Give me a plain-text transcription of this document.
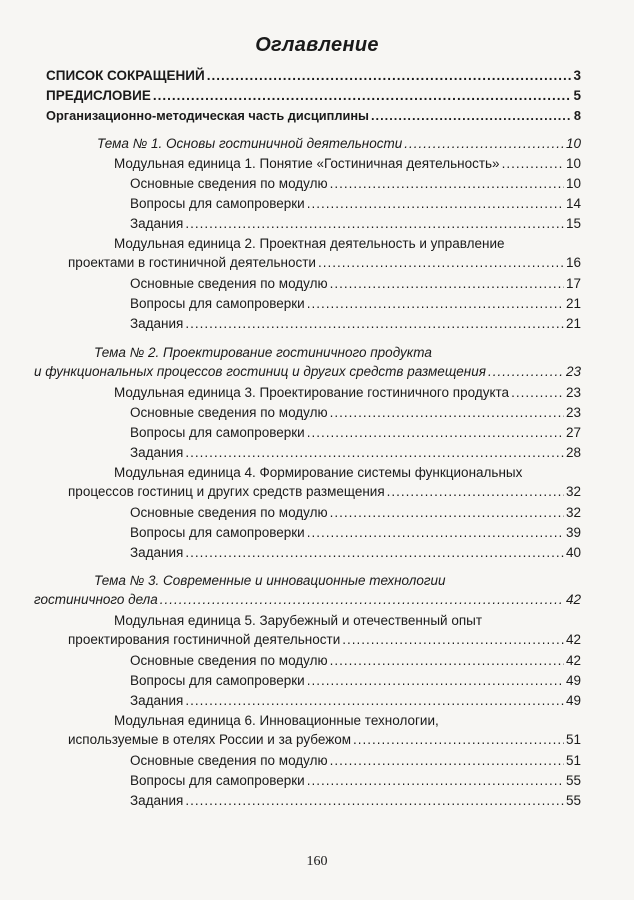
Оглавление
СПИСОК СОКРАЩЕНИЙ .....	3
ПРЕДИСЛОВИЕ .....	5
Организационно-методическая часть дисциплины .....	8
Тема № 1. Основы гостиничной деятельности .....	10
Модульная единица 1. Понятие «Гостиничная деятельность» .....	10
Основные сведения по модулю .....	10
Вопросы для самопроверки .....	14
Задания .....	15
Модульная единица 2. Проектная деятельность и управление
проектами в гостиничной деятельности .....	16
Основные сведения по модулю .....	17
Вопросы для самопроверки .....	21
Задания .....	21
Тема № 2. Проектирование гостиничного продукта
и функциональных процессов гостиниц и других средств размещения .....	23
Модульная единица 3. Проектирование гостиничного продукта .....	23
Основные сведения по модулю .....	23
Вопросы для самопроверки .....	27
Задания .....	28
Модульная единица 4. Формирование системы функциональных
процессов гостиниц и других средств размещения .....	32
Основные сведения по модулю .....	32
Вопросы для самопроверки .....	39
Задания .....	40
Тема № 3. Современные и инновационные технологии
гостиничного дела .....	42
Модульная единица 5. Зарубежный и отечественный опыт
проектирования гостиничной деятельности .....	42
Основные сведения по модулю .....	42
Вопросы для самопроверки .....	49
Задания .....	49
Модульная единица 6. Инновационные технологии,
используемые в отелях России и за рубежом .....	51
Основные сведения по модулю .....	51
Вопросы для самопроверки .....	55
Задания .....	55
160
